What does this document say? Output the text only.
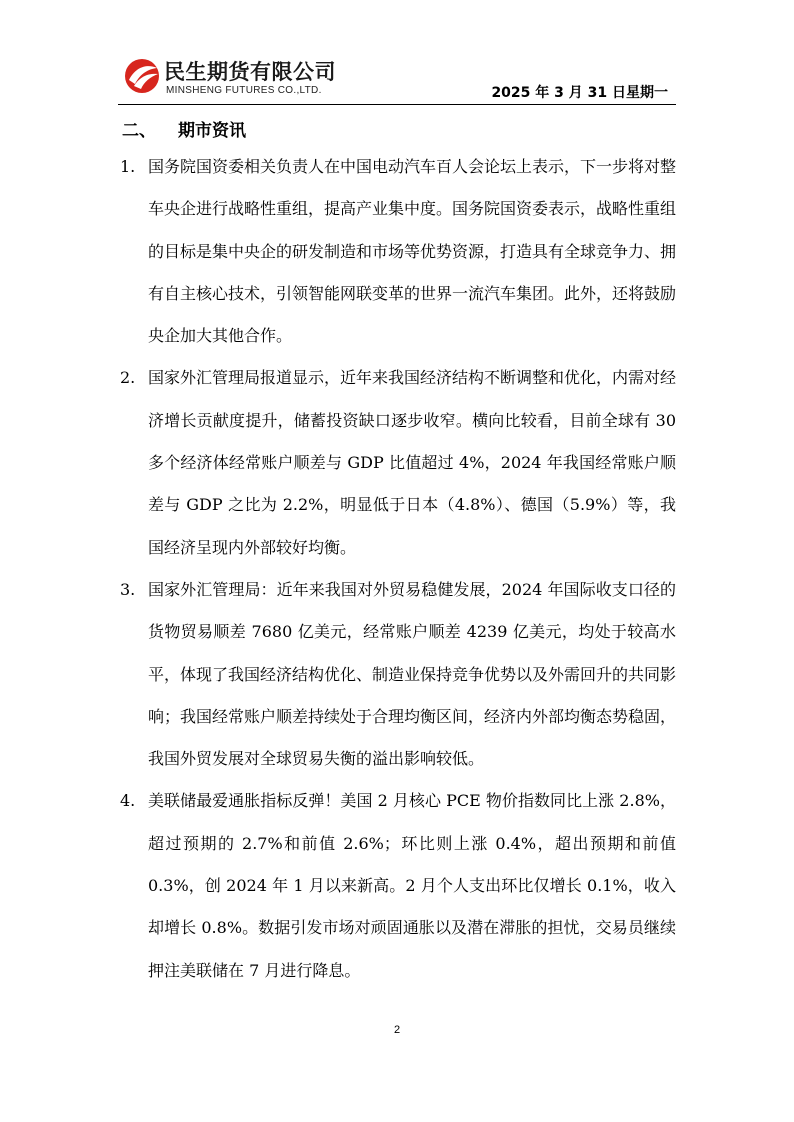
民生期货有限公司
MINSHENG FUTURES CO.,LTD.	2025 年 3 月 31 日星期一
二、 期市资讯
1. 国务院国资委相关负责人在中国电动汽车百人会论坛上表示，下一步将对整车央企进行战略性重组，提高产业集中度。国务院国资委表示，战略性重组的目标是集中央企的研发制造和市场等优势资源，打造具有全球竞争力、拥有自主核心技术，引领智能网联变革的世界一流汽车集团。此外，还将鼓励央企加大其他合作。
2. 国家外汇管理局报道显示，近年来我国经济结构不断调整和优化，内需对经济增长贡献度提升，储蓄投资缺口逐步收窄。横向比较看，目前全球有 30 多个经济体经常账户顺差与 GDP 比值超过 4%，2024 年我国经常账户顺差与 GDP 之比为 2.2%，明显低于日本（4.8%）、德国（5.9%）等，我国经济呈现内外部较好均衡。
3. 国家外汇管理局：近年来我国对外贸易稳健发展，2024 年国际收支口径的货物贸易顺差 7680 亿美元，经常账户顺差 4239 亿美元，均处于较高水平，体现了我国经济结构优化、制造业保持竞争优势以及外需回升的共同影响；我国经常账户顺差持续处于合理均衡区间，经济内外部均衡态势稳固，我国外贸发展对全球贸易失衡的溢出影响较低。
4. 美联储最爱通胀指标反弹！美国 2 月核心 PCE 物价指数同比上涨 2.8%，超过预期的 2.7%和前值 2.6%；环比则上涨 0.4%，超出预期和前值 0.3%，创 2024 年 1 月以来新高。2 月个人支出环比仅增长 0.1%，收入却增长 0.8%。数据引发市场对顽固通胀以及潜在滞胀的担忧，交易员继续押注美联储在 7 月进行降息。
2
